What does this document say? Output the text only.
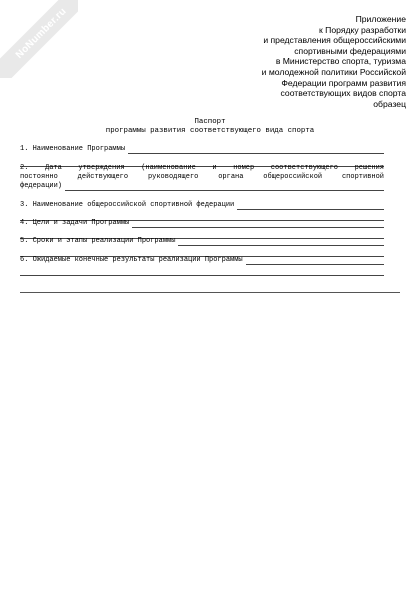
NoNumber.ru	Приложение
к Порядку разработки
и представления общероссийскими
спортивными федерациями
в Министерство спорта, туризма
и молодежной политики Российской
Федерации программ развития
соответствующих видов спорта
образец
Паспорт
программы развития соответствующего вида спорта
1. Наименование Программы
2. Дата утверждения (наименование и номер соответствующего решения
постоянно действующего руководящего органа общероссийской спортивной
федерации)
3. Наименование общероссийской спортивной федерации
4. Цели и задачи Программы
5. Сроки и этапы реализации Программы
6. Ожидаемые конечные результаты реализации Программы
